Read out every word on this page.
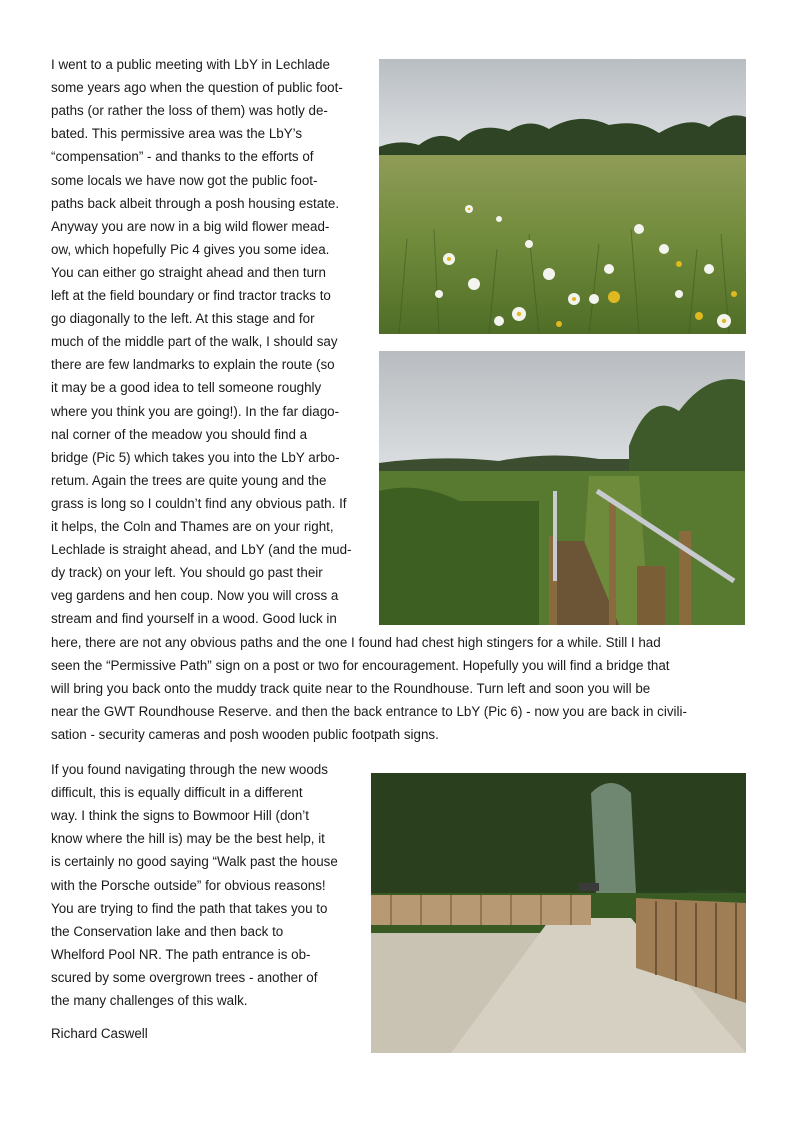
I went to a public meeting with LbY in Lechlade
some years ago when the question of public foot-
paths (or rather the loss of them) was hotly de-
bated. This permissive area was the LbY’s
“compensation” - and thanks to the efforts of
some locals we have now got the public foot-
paths back albeit through a posh housing estate.
Anyway you are now in a big wild flower mead-
ow, which hopefully Pic 4 gives you some idea.
You can either go straight ahead and then turn
left at the field boundary or find tractor tracks to
go diagonally to the left. At this stage and for
much of the middle part of the walk, I should say
there are few landmarks to explain the route (so
it may be a good idea to tell someone roughly
where you think you are going!). In the far diago-
nal corner of the meadow you should find a
bridge (Pic 5) which takes you into the LbY arbo-
retum. Again the trees are quite young and the
grass is long so I couldn’t find any obvious path. If
it helps, the Coln and Thames are on your right,
Lechlade is straight ahead, and LbY (and the mud-
dy track) on your left. You should go past their
veg gardens and hen coup. Now you will cross a
stream and find yourself in a wood. Good luck in
here, there are not any obvious paths and the one I found had chest high stingers for a while. Still I had
seen the “Permissive Path” sign on a post or two for encouragement. Hopefully you will find a bridge that
will bring you back onto the muddy track quite near to the Roundhouse. Turn left and soon you will be
near the GWT Roundhouse Reserve. and then the back entrance to LbY (Pic 6) - now you are back in civili-
sation - security cameras and posh wooden public footpath signs.
If you found navigating through the new woods
difficult, this is equally difficult in a different
way. I think the signs to Bowmoor Hill (don’t
know where the hill is) may be the best help, it
is certainly no good saying “Walk past the house
with the Porsche outside” for obvious reasons!
You are trying to find the path that takes you to
the Conservation lake and then back to
Whelford Pool NR. The path entrance is ob-
scured by some overgrown trees - another of
the many challenges of this walk.
Richard Caswell
